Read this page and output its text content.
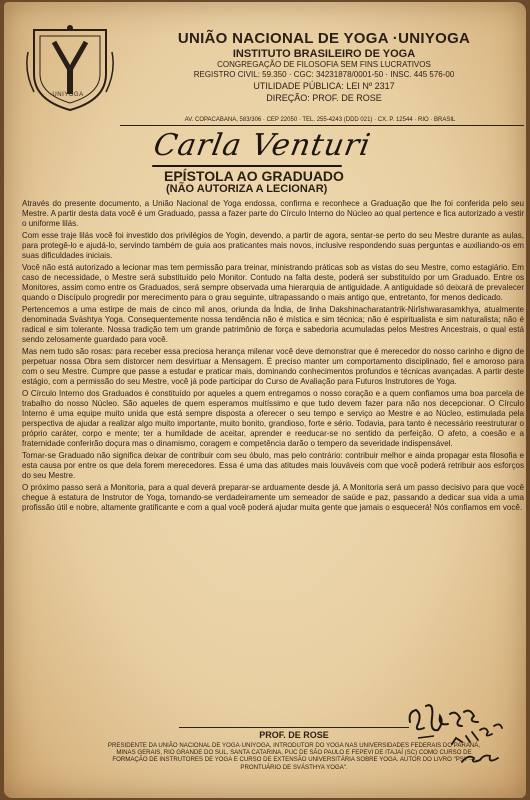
UNIYOGA
UNIÃO NACIONAL DE YOGA ·UNIYOGA
INSTITUTO BRASILEIRO DE YOGA
CONGREGAÇÃO DE FILOSOFIA SEM FINS LUCRATIVOS
REGISTRO CIVIL: 59.350 · CGC: 34231878/0001-50 · INSC. 445 576-00
UTILIDADE PÚBLICA: LEI Nº 2317
DIREÇÃO: PROF. DE ROSE
AV. COPACABANA, 583/306 · CEP 22050 · TEL. 255-4243 (DDD 021) · CX. P. 12544 · RIO · BRASIL
Carla Venturi
EPÍSTOLA AO GRADUADO
(NÃO AUTORIZA A LECIONAR)

Através do presente documento, a União Nacional de Yoga endossa, confirma e reconhece a Graduação que lhe foi conferida pelo seu Mestre. A partir desta data você é um Graduado, passa a fazer parte do Círculo Interno do Núcleo ao qual pertence e fica autorizado a vestir o uniforme lilás.

Com esse traje lilás você foi investido dos privilégios de Yogin, devendo, a partir de agora, sentar-se perto do seu Mestre durante as aulas, para protegê-lo e ajudá-lo, servindo também de guia aos praticantes mais novos, inclusive respondendo suas perguntas e auxiliando-os em suas dificuldades iniciais.

Você não está autorizado a lecionar mas tem permissão para treinar, ministrando práticas sob as vistas do seu Mestre, como estagiário. Em caso de necessidade, o Mestre será substituído pelo Monitor. Contudo na falta deste, poderá ser substituído por um Graduado. Entre os Monitores, assim como entre os Graduados, será sempre observada uma hierarquia de antiguidade. A antiguidade só deixará de prevalecer quando o Discípulo progredir por merecimento para o grau seguinte, ultrapassando o mais antigo que, entretanto, for menos dedicado.

Pertencemos a uma estirpe de mais de cinco mil anos, oriunda da Índia, de linha Dakshinacharatantrik-Nirîshwarasamkhya, atualmente denominada Sváshtya Yoga. Consequentemente nossa tendência não é mística e sim técnica; não é espiritualista e sim naturalista; não é radical e sim tolerante. Nossa tradição tem um grande patrimônio de força e sabedoria acumuladas pelos Mestres Ancestrais, o qual está sendo zelosamente guardado para você.

Mas nem tudo são rosas: para receber essa preciosa herança milenar você deve demonstrar que é merecedor do nosso carinho e digno de perpetuar nossa Obra sem distorcer nem desvirtuar a Mensagem. É preciso manter um comportamento disciplinado, fiel e amoroso para com o seu Mestre. Cumpre que passe a estudar e praticar mais, dominando conhecimentos profundos e técnicas avançadas. A partir deste estágio, com a permissão do seu Mestre, você já pode participar do Curso de Avaliação para Futuros Instrutores de Yoga.

O Círculo Interno dos Graduados é constituído por aqueles a quem entregamos o nosso coração e a quem confiamos uma boa parcela de trabalho do nosso Núcleo. São aqueles de quem esperamos muitíssimo e que tudo devem fazer para não nos decepcionar. O Círculo Interno é uma equipe muito unida que está sempre disposta a oferecer o seu tempo e serviço ao Mestre e ao Núcleo, estimulada pela perspectiva de ajudar a realizar algo muito importante, muito bonito, grandioso, forte e sério. Todavia, para tanto é necessário reestruturar o próprio caráter, corpo e mente; ter a humildade de aceitar, aprender e reeducar-se no sentido da perfeição. O afeto, a coesão e a fraternidade conferirão doçura mas o dinamismo, coragem e competência darão o tempero da severidade indispensável.

Tornar-se Graduado não significa deixar de contribuir com seu óbulo, mas pelo contrário: contribuir melhor e ainda propagar esta filosofia e esta causa por entre os que dela forem merecedores. Essa é uma das atitudes mais louváveis com que você poderá retribuir aos esforços do seu Mestre.

O próximo passo será a Monitoria, para a qual deverá preparar-se arduamente desde já. A Monitoria será um passo decisivo para que você chegue à estatura de Instrutor de Yoga, tornando-se verdadeiramente um semeador de saúde e paz, passando a dedicar sua vida a uma profissão útil e nobre, altamente gratificante e com a qual você poderá ajudar muita gente que jamais o esquecerá! Nós confiamos em você.

PROF. DE ROSE
PRESIDENTE DA UNIÃO NACIONAL DE YOGA·UNIYOGA, INTRODUTOR DO YOGA NAS UNIVERSIDADES FEDERAIS DO PARANÁ, MINAS GERAIS, RIO GRANDE DO SUL, SANTA CATARINA, PUC DE SÃO PAULO E FEPEVI DE ITAJAÍ (SC) COMO CURSO DE FORMAÇÃO DE INSTRUTORES DE YOGA E CURSO DE EXTENSÃO UNIVERSITÁRIA SOBRE YOGA. AUTOR DO LIVRO "PSY — PRONTUÁRIO DE SVÁSTHYA YOGA".
